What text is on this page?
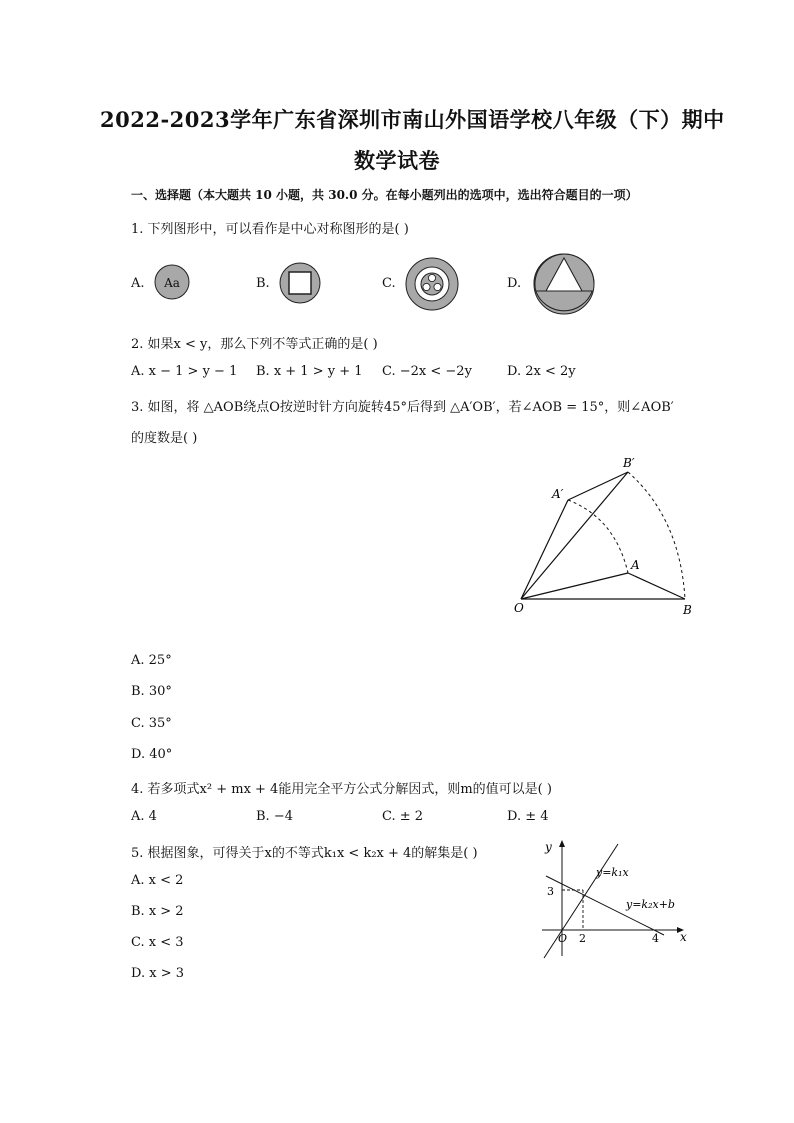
2022-2023学年广东省深圳市南山外国语学校八年级（下）期中
数学试卷
一、选择题（本大题共 10 小题，共 30.0 分。在每小题列出的选项中，选出符合题目的一项）
1. 下列图形中，可以看作是中心对称图形的是( )
A. Aa	B.	C.	D.
2. 如果x < y，那么下列不等式正确的是( )
A. x − 1 > y − 1 B. x + 1 > y + 1 C. −2x < −2y	D. 2x < 2y
3. 如图，将 △AOB绕点O按逆时针方向旋转45°后得到 △A′OB′，若∠AOB = 15°，则∠AOB′
的度数是( )
O	B
A
A′
B′
A. 25°
B. 30°
C. 35°
D. 40°
4. 若多项式x² + mx + 4能用完全平方公式分解因式，则m的值可以是( )
A. 4	B. −4	C. ± 2	D. ± 4
5. 根据图象，可得关于x的不等式k₁x < k₂x + 4的解集是( )
A. x < 2
B. x > 2
C. x < 3
D. x > 3
y
x
O
3
2	4
y=k₁x
y=k₂x+b
